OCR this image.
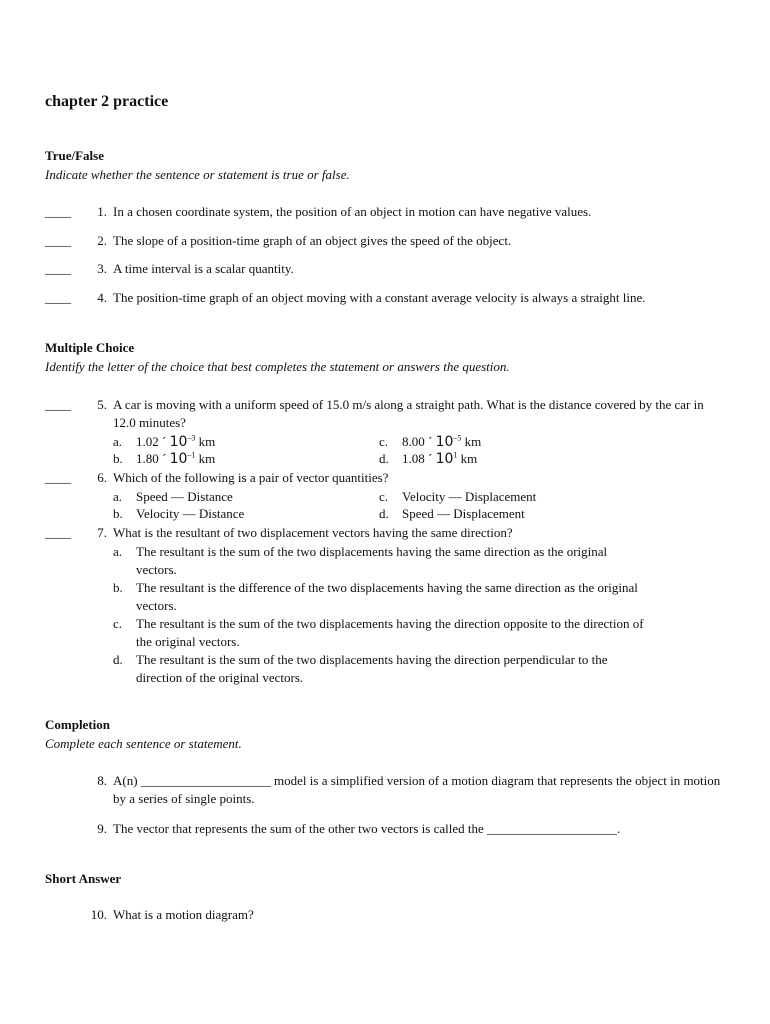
chapter 2 practice
True/False
Indicate whether the sentence or statement is true or false.
____	1. In a chosen coordinate system, the position of an object in motion can have negative values.
____	2. The slope of a position-time graph of an object gives the speed of the object.
____	3. A time interval is a scalar quantity.
____	4. The position-time graph of an object moving with a constant average velocity is always a straight line.
Multiple Choice
Identify the letter of the choice that best completes the statement or answers the question.
____	5. A car is moving with a uniform speed of 15.0 m/s along a straight path. What is the distance covered by the car in 12.0 minutes?
a. 1.02 ´ $10^{-3}$ km
b. 1.80 ´ $10^{-1}$ km
c. 8.00 ´ $10^{-5}$ km
d. 1.08 ´ $10^1$ km
____	6. Which of the following is a pair of vector quantities?
a. Speed — Distance
b. Velocity — Distance
c. Velocity — Displacement
d. Speed — Displacement
____	7. What is the resultant of two displacement vectors having the same direction?
a. The resultant is the sum of the two displacements having the same direction as the original vectors.
b. The resultant is the difference of the two displacements having the same direction as the original vectors.
c. The resultant is the sum of the two displacements having the direction opposite to the direction of the original vectors.
d. The resultant is the sum of the two displacements having the direction perpendicular to the direction of the original vectors.
Completion
Complete each sentence or statement.
8. A(n) ____________________ model is a simplified version of a motion diagram that represents the object in motion by a series of single points.
9. The vector that represents the sum of the other two vectors is called the ____________________.
Short Answer
10. What is a motion diagram?
